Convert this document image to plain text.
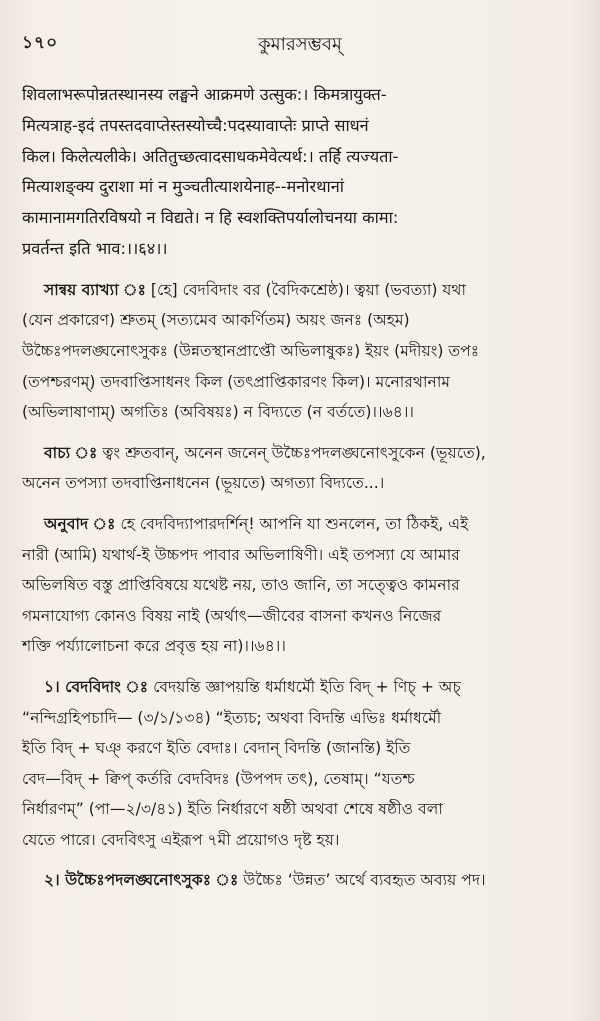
১৭০	কুমারসম্ভবম্

शिवलाभरूपोन्नतस्थानस्य लङ्घने आक्रमणे उत्सुक:। किमत्रायुक्त-
मित्यत्राह-इदं तपस्तदवाप्तेस्तस्योच्चै:पदस्यावाप्तेः प्राप्ते साधनं
किल। किलेत्यलीके। अतितुच्छत्वादसाधकमेवेत्यर्थ:। तर्हि त्यज्यता-
मित्याशङ्क्य दुराशा मां न मुञ्चतीत्याशयेनाह--मनोरथानां
कामानामगतिरविषयो न विद्यते। न हि स्वशक्तिपर्यालोचनया कामा:
प्रवर्तन्त इति भाव:।।६४।।

সান্বয় ব্যাখ্যা ঃ [হে] বেদবিদাং বর (বৈদিকশ্রেষ্ঠ)। ত্বয়া (ভবত্যা) যথা
(যেন প্রকারেণ) শ্রুতম্ (সত্যমেব আকর্ণিতম) অয়ং জনঃ (অহম)
উচ্চৈঃপদলঙ্ঘনোৎসুকঃ (উন্নতস্থানপ্রাপ্তৌ অভিলাষুকঃ) ইয়ং (মদীয়ং) তপঃ
(তপশ্চরণম্) তদবাপ্তিসাধনং কিল (তৎপ্রাপ্তিকারণং কিল)। মনোরথানাম
(অভিলাষাণাম্) অগতিঃ (অবিষয়ঃ) ন বিদ্যতে (ন বর্ততে)।।৬৪।।

বাচ্য ঃ ত্বং শ্রুতবান্, অনেন জনেন্ উচ্চৈঃপদলঙ্ঘনোৎসুকেন (ভূয়তে),
অনেন তপস্যা তদবাপ্তিনাধনেন (ভূয়তে) অগত্যা বিদ্যতে...।

অনুবাদ ঃ হে বেদবিদ্যাপারদর্শিন্! আপনি যা শুনলেন, তা ঠিকই, এই
নারী (আমি) যথার্থ-ই উচ্চপদ পাবার অভিলাষিণী। এই তপস্যা যে আমার
অভিলষিত বস্তু প্রাপ্তিবিষয়ে যথেষ্ট নয়, তাও জানি, তা সত্ত্বেও কামনার
গমনাযোগ্য কোনও বিষয় নাই (অর্থাৎ—জীবের বাসনা কখনও নিজের
শক্তি পর্য্যালোচনা করে প্রবৃত্ত হয় না)।।৬৪।।

১। বেদবিদাং ঃ বেদয়ন্তি জ্ঞাপয়ন্তি ধর্মাধর্মৌ ইতি বিদ্ + ণিচ্ + অচ্
“নন্দিগ্রহিপচাদি— (৩/১/১৩৪) “ইত্যচ; অথবা বিদন্তি এভিঃ ধর্মাধর্মৌ
ইতি বিদ্ + ঘঞ্ করণে ইতি বেদাঃ। বেদান্ বিদন্তি (জানন্তি) ইতি
বেদ—বিদ্ + ক্বিপ্ কর্তরি বেদবিদঃ (উপপদ তৎ), তেষাম্। “যতশ্চ
নির্ধারণম্” (পা—২/৩/৪১) ইতি নির্ধারণে ষষ্ঠী অথবা শেষে ষষ্ঠীও বলা
যেতে পারে। বেদবিৎসু এইরূপ ৭মী প্রয়োগও দৃষ্ট হয়।

২। উচ্চৈঃপদলঙ্ঘনোৎসুকঃ ঃ উচ্চৈঃ ‘উন্নত’ অর্থে ব্যবহৃত অব্যয় পদ।
